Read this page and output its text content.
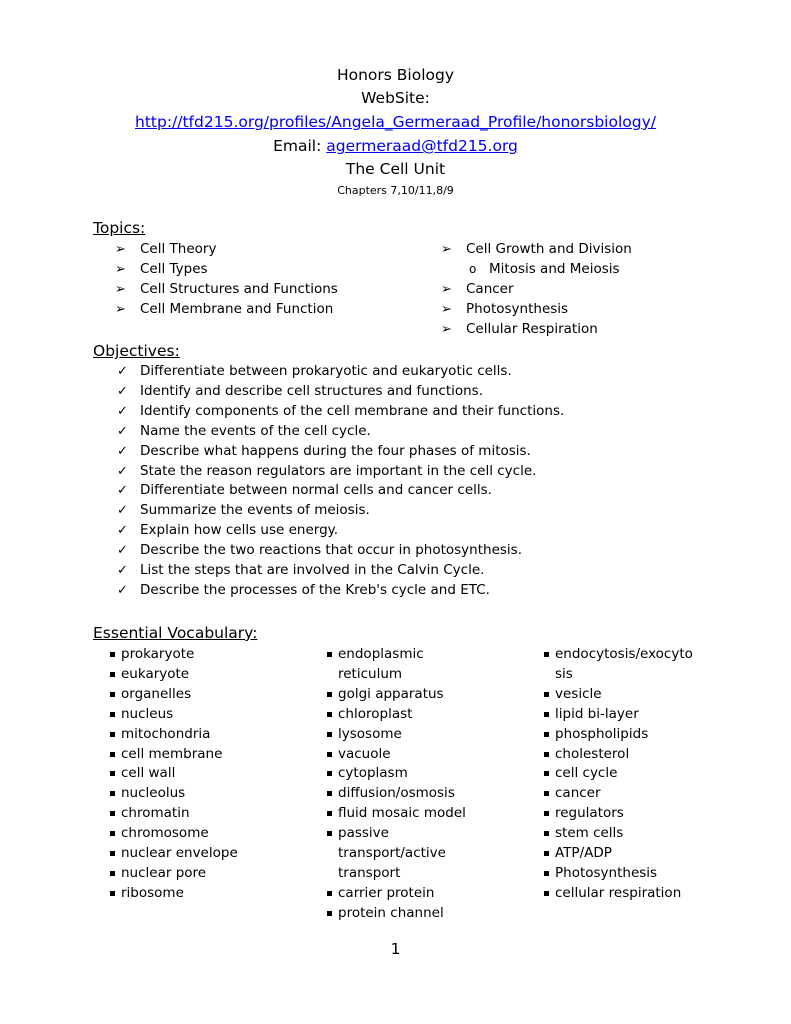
Honors Biology
WebSite:
http://tfd215.org/profiles/Angela_Germeraad_Profile/honorsbiology/
Email: agermeraad@tfd215.org
The Cell Unit
Chapters 7,10/11,8/9
Topics:
➢ Cell Theory
➢ Cell Types
➢ Cell Structures and Functions
➢ Cell Membrane and Function
➢ Cell Growth and Division
o Mitosis and Meiosis
➢ Cancer
➢ Photosynthesis
➢ Cellular Respiration
Objectives:
✓ Differentiate between prokaryotic and eukaryotic cells.
✓ Identify and describe cell structures and functions.
✓ Identify components of the cell membrane and their functions.
✓ Name the events of the cell cycle.
✓ Describe what happens during the four phases of mitosis.
✓ State the reason regulators are important in the cell cycle.
✓ Differentiate between normal cells and cancer cells.
✓ Summarize the events of meiosis.
✓ Explain how cells use energy.
✓ Describe the two reactions that occur in photosynthesis.
✓ List the steps that are involved in the Calvin Cycle.
✓ Describe the processes of the Kreb's cycle and ETC.
Essential Vocabulary:
prokaryote
eukaryote
organelles
nucleus
mitochondria
cell membrane
cell wall
nucleolus
chromatin
chromosome
nuclear envelope
nuclear pore
ribosome
endoplasmic
reticulum
golgi apparatus
chloroplast
lysosome
vacuole
cytoplasm
diffusion/osmosis
fluid mosaic model
passive
transport/active
transport
carrier protein
protein channel
endocytosis/exocyto
sis
vesicle
lipid bi-layer
phospholipids
cholesterol
cell cycle
cancer
regulators
stem cells
ATP/ADP
Photosynthesis
cellular respiration
1
